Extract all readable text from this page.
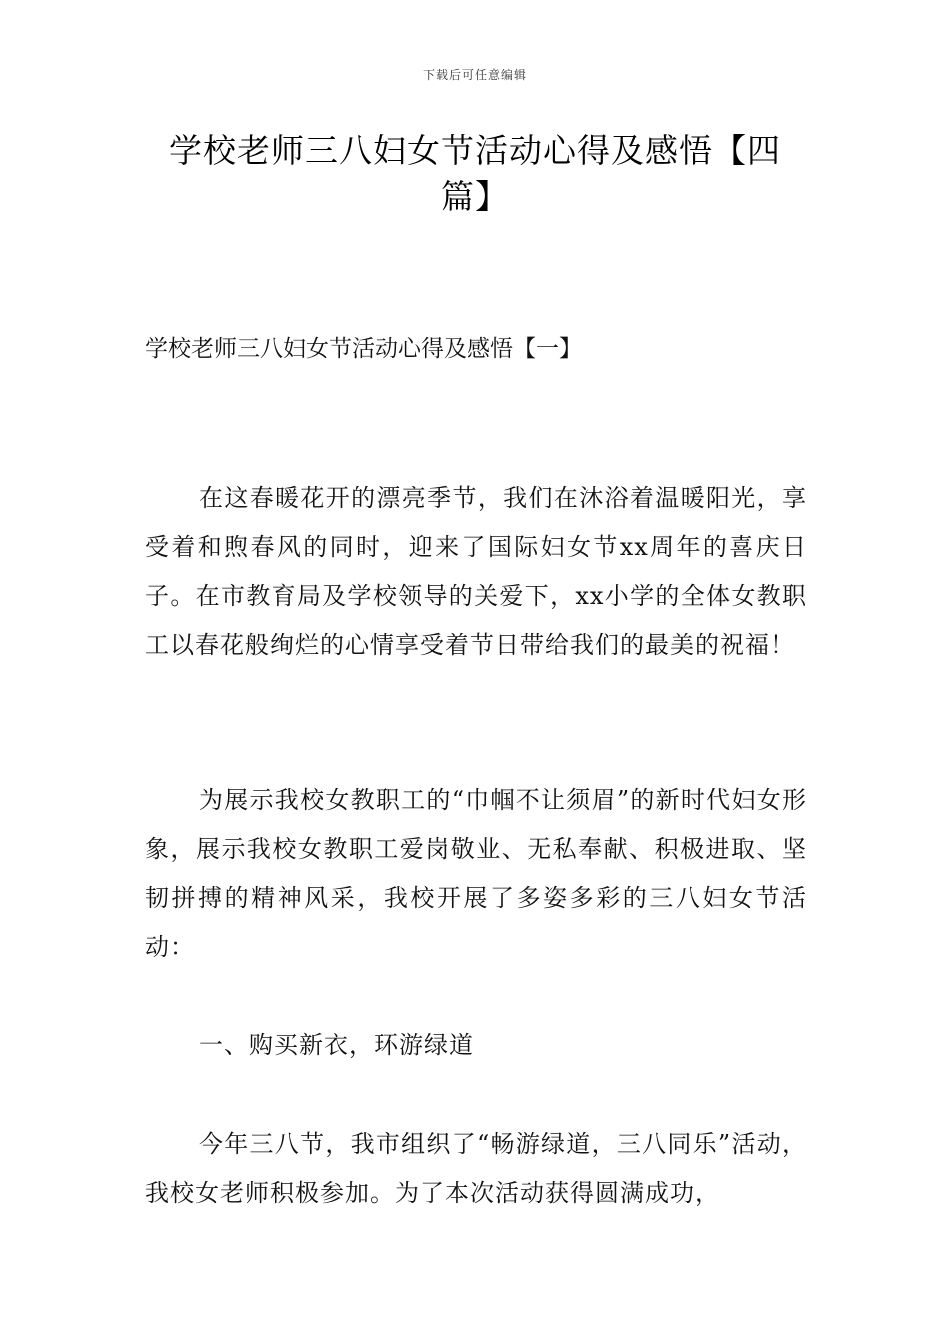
下载后可任意编辑
学校老师三八妇女节活动心得及感悟【四篇】
学校老师三八妇女节活动心得及感悟【一】

在这春暖花开的漂亮季节，我们在沐浴着温暖阳光，享受着和煦春风的同时，迎来了国际妇女节xx周年的喜庆日子。在市教育局及学校领导的关爱下，xx小学的全体女教职工以春花般绚烂的心情享受着节日带给我们的最美的祝福！

为展示我校女教职工的“巾帼不让须眉”的新时代妇女形象，展示我校女教职工爱岗敬业、无私奉献、积极进取、坚韧拼搏的精神风采，我校开展了多姿多彩的三八妇女节活动：

一、购买新衣，环游绿道

今年三八节，我市组织了“畅游绿道，三八同乐”活动，我校女老师积极参加。为了本次活动获得圆满成功，
